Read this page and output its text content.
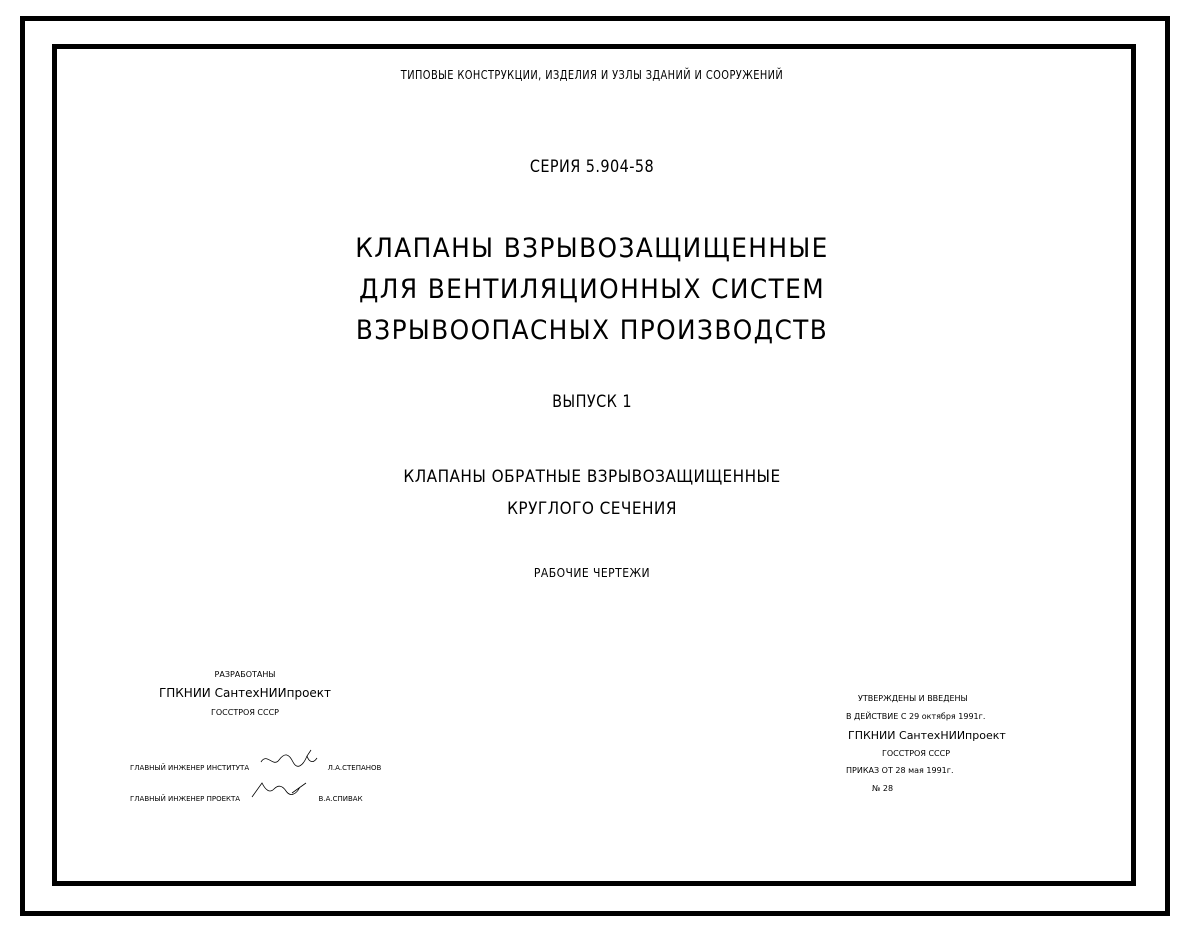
ТИПОВЫЕ КОНСТРУКЦИИ, ИЗДЕЛИЯ И УЗЛЫ ЗДАНИЙ И СООРУЖЕНИЙ
СЕРИЯ 5.904-58
КЛАПАНЫ ВЗРЫВОЗАЩИЩЕННЫЕ
ДЛЯ ВЕНТИЛЯЦИОННЫХ СИСТЕМ
ВЗРЫВООПАСНЫХ ПРОИЗВОДСТВ
ВЫПУСК 1
КЛАПАНЫ ОБРАТНЫЕ ВЗРЫВОЗАЩИЩЕННЫЕ
КРУГЛОГО СЕЧЕНИЯ
РАБОЧИЕ ЧЕРТЕЖИ
РАЗРАБОТАНЫ
ГПКНИИ СантехНИИпроект
ГОССТРОЯ СССР
ГЛАВНЫЙ ИНЖЕНЕР ИНСТИТУТА	Л.А.СТЕПАНОВ
ГЛАВНЫЙ ИНЖЕНЕР ПРОЕКТА	В.А.СПИВАК
УТВЕРЖДЕНЫ И ВВЕДЕНЫ
В ДЕЙСТВИЕ С 29 октября 1991г.
ГПКНИИ СантехНИИпроект
ГОССТРОЯ СССР
ПРИКАЗ ОТ 28 мая 1991г.
№ 28
